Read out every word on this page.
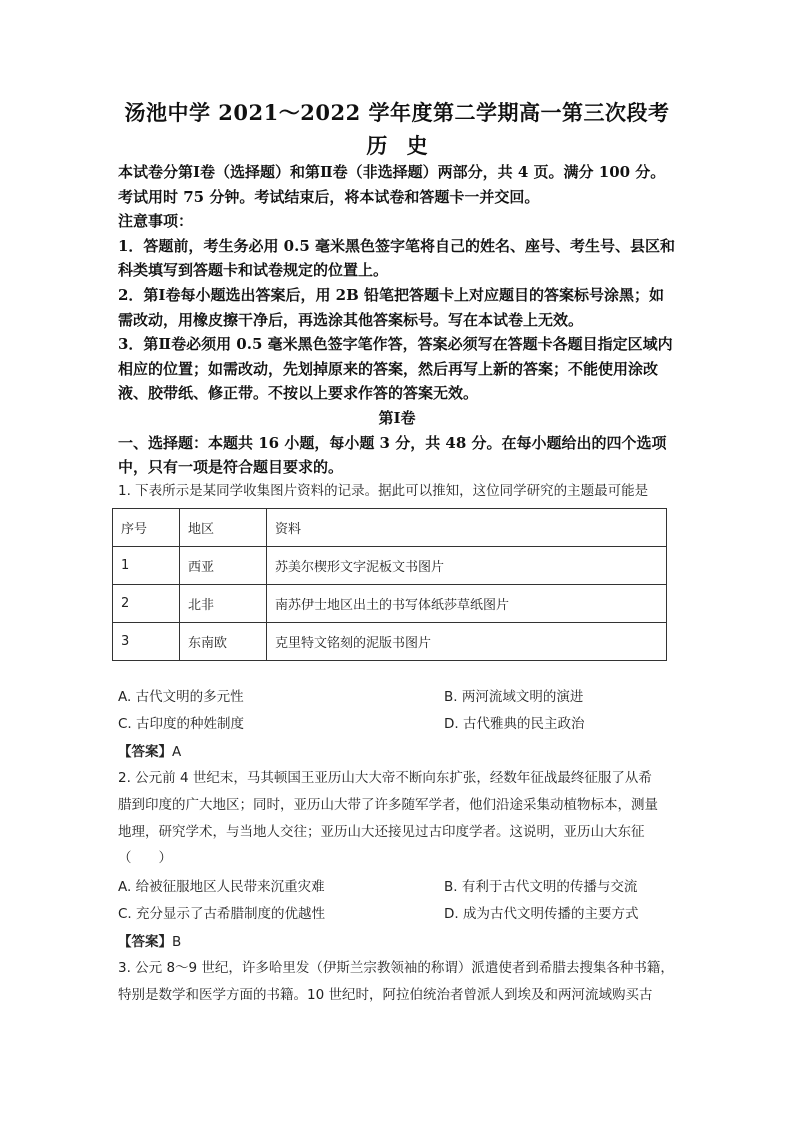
汤池中学 2021～2022 学年度第二学期高一第三次段考
历 史

本试卷分第Ⅰ卷（选择题）和第Ⅱ卷（非选择题）两部分，共 4 页。满分 100 分。考试用时 75 分钟。考试结束后，将本试卷和答题卡一并交回。

注意事项：

1．答题前，考生务必用 0.5 毫米黑色签字笔将自己的姓名、座号、考生号、县区和科类填写到答题卡和试卷规定的位置上。

2．第Ⅰ卷每小题选出答案后，用 2B 铅笔把答题卡上对应题目的答案标号涂黑；如需改动，用橡皮擦干净后，再选涂其他答案标号。写在本试卷上无效。

3．第Ⅱ卷必须用 0.5 毫米黑色签字笔作答，答案必须写在答题卡各题目指定区域内相应的位置；如需改动，先划掉原来的答案，然后再写上新的答案；不能使用涂改液、胶带纸、修正带。不按以上要求作答的答案无效。

第Ⅰ卷
一、选择题：本题共 16 小题，每小题 3 分，共 48 分。在每小题给出的四个选项中，只有一项是符合题目要求的。
1. 下表所示是某同学收集图片资料的记录。据此可以推知，这位同学研究的主题最可能是
序号	地区	资料
1	西亚	苏美尔楔形文字泥板文书图片
2	北非	南苏伊士地区出土的书写体纸莎草纸图片
3	东南欧	克里特文铭刻的泥版书图片
A. 古代文明的多元性	B. 两河流域文明的演进
C. 古印度的种姓制度	D. 古代雅典的民主政治
【答案】A
2. 公元前 4 世纪末，马其顿国王亚历山大大帝不断向东扩张，经数年征战最终征服了从希
腊到印度的广大地区；同时，亚历山大带了许多随军学者，他们沿途采集动植物标本，测量
地理，研究学术，与当地人交往；亚历山大还接见过古印度学者。这说明，亚历山大东征
（　　）
A. 给被征服地区人民带来沉重灾难	B. 有利于古代文明的传播与交流
C. 充分显示了古希腊制度的优越性	D. 成为古代文明传播的主要方式
【答案】B
3. 公元 8～9 世纪，许多哈里发（伊斯兰宗教领袖的称谓）派遣使者到希腊去搜集各种书籍，
特别是数学和医学方面的书籍。10 世纪时，阿拉伯统治者曾派人到埃及和两河流域购买古
